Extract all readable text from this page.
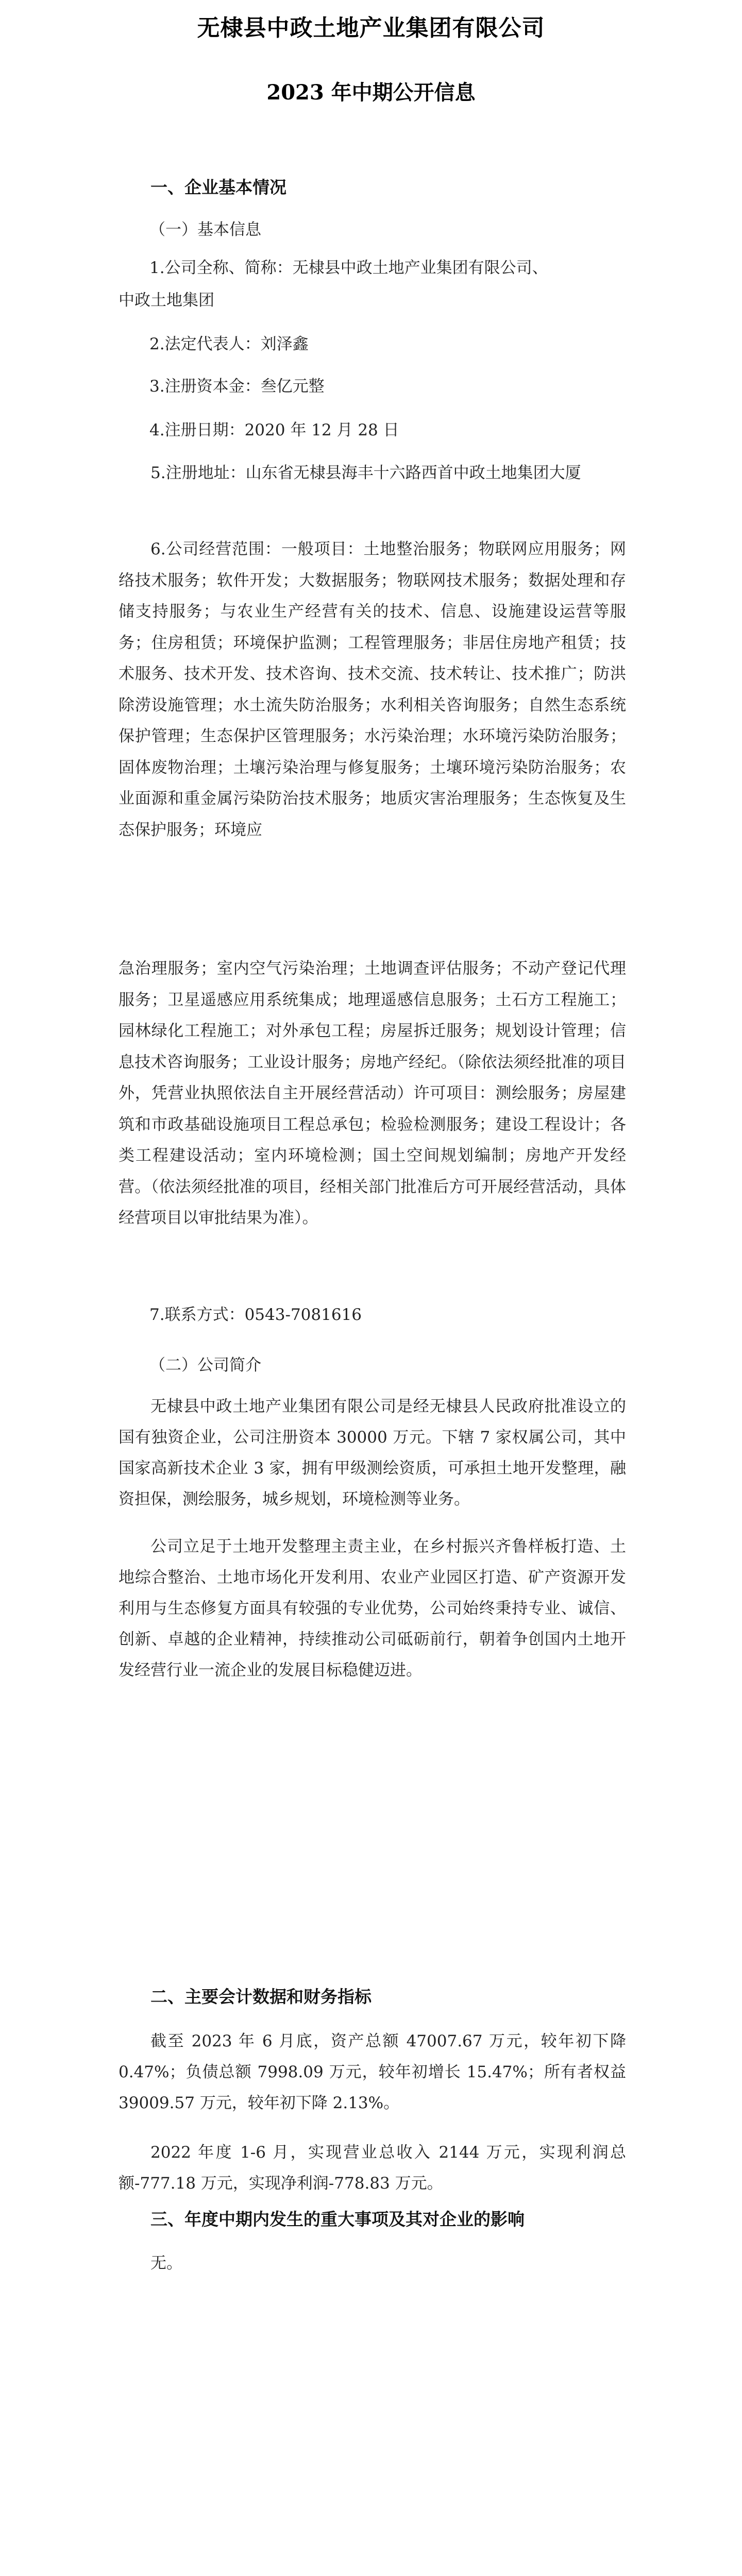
无棣县中政土地产业集团有限公司
2023 年中期公开信息
一、企业基本情况
（一）基本信息
1.公司全称、简称：无棣县中政土地产业集团有限公司、
中政土地集团
2.法定代表人：刘泽鑫
3.注册资本金：叁亿元整
4.注册日期：2020 年 12 月 28 日
5.注册地址：山东省无棣县海丰十六路西首中政土地集团大厦
6.公司经营范围：一般项目：土地整治服务；物联网应用服务；网络技术服务；软件开发；大数据服务；物联网技术服务；数据处理和存储支持服务；与农业生产经营有关的技术、信息、设施建设运营等服务；住房租赁；环境保护监测；工程管理服务；非居住房地产租赁；技术服务、技术开发、技术咨询、技术交流、技术转让、技术推广；防洪除涝设施管理；水土流失防治服务；水利相关咨询服务；自然生态系统保护管理；生态保护区管理服务；水污染治理；水环境污染防治服务；固体废物治理；土壤污染治理与修复服务；土壤环境污染防治服务；农业面源和重金属污染防治技术服务；地质灾害治理服务；生态恢复及生态保护服务；环境应
急治理服务；室内空气污染治理；土地调查评估服务；不动产登记代理服务；卫星遥感应用系统集成；地理遥感信息服务；土石方工程施工；园林绿化工程施工；对外承包工程；房屋拆迁服务；规划设计管理；信息技术咨询服务；工业设计服务；房地产经纪。（除依法须经批准的项目外，凭营业执照依法自主开展经营活动）许可项目：测绘服务；房屋建筑和市政基础设施项目工程总承包；检验检测服务；建设工程设计；各类工程建设活动；室内环境检测；国土空间规划编制；房地产开发经营。（依法须经批准的项目，经相关部门批准后方可开展经营活动，具体经营项目以审批结果为准）。
7.联系方式：0543-7081616
（二）公司简介
无棣县中政土地产业集团有限公司是经无棣县人民政府批准设立的国有独资企业，公司注册资本 30000 万元。下辖 7 家权属公司，其中国家高新技术企业 3 家，拥有甲级测绘资质，可承担土地开发整理，融资担保，测绘服务，城乡规划，环境检测等业务。
公司立足于土地开发整理主责主业，在乡村振兴齐鲁样板打造、土地综合整治、土地市场化开发利用、农业产业园区打造、矿产资源开发利用与生态修复方面具有较强的专业优势，公司始终秉持专业、诚信、创新、卓越的企业精神，持续推动公司砥砺前行，朝着争创国内土地开发经营行业一流企业的发展目标稳健迈进。
二、主要会计数据和财务指标
截至 2023 年 6 月底，资产总额 47007.67 万元，较年初下降 0.47%；负债总额 7998.09 万元，较年初增长 15.47%；所有者权益 39009.57 万元，较年初下降 2.13%。
2022 年度 1-6 月，实现营业总收入 2144 万元，实现利润总额-777.18 万元，实现净利润-778.83 万元。
三、年度中期内发生的重大事项及其对企业的影响
无。
